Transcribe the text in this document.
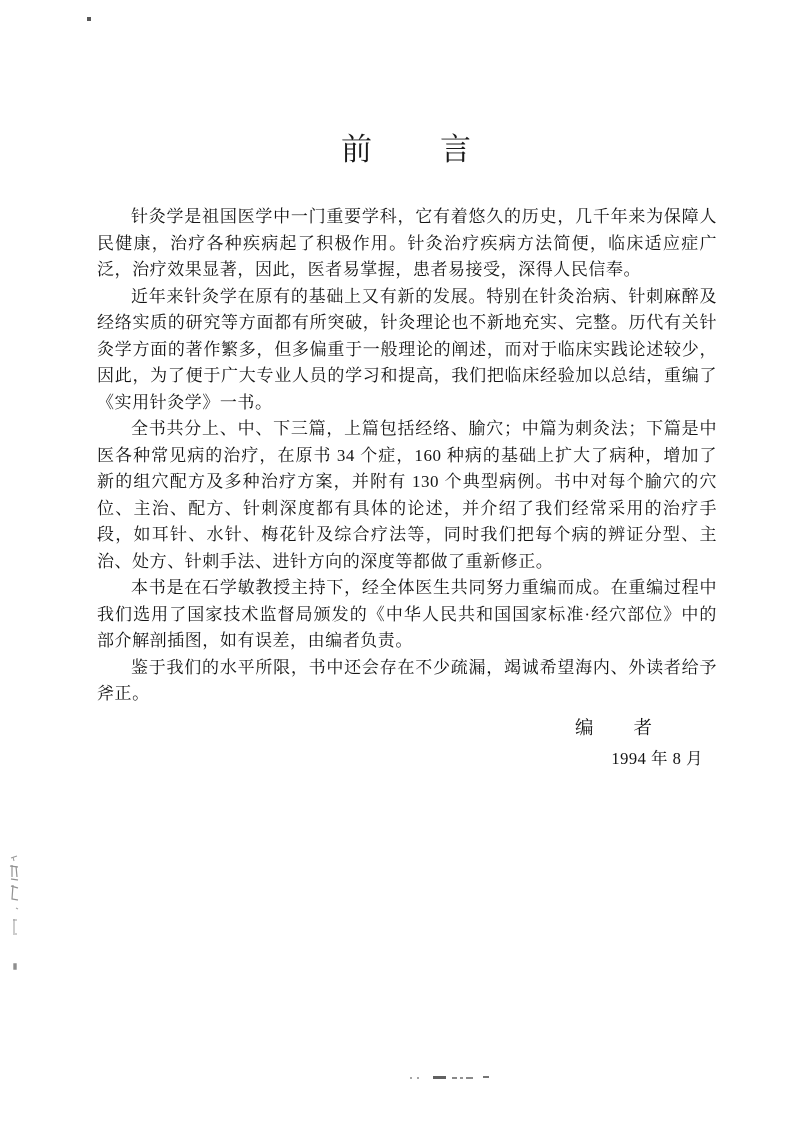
前　　言

针灸学是祖国医学中一门重要学科，它有着悠久的历史，几千年来为保障人民健康，治疗各种疾病起了积极作用。针灸治疗疾病方法简便，临床适应症广泛，治疗效果显著，因此，医者易掌握，患者易接受，深得人民信奉。

近年来针灸学在原有的基础上又有新的发展。特别在针灸治病、针刺麻醉及经络实质的研究等方面都有所突破，针灸理论也不新地充实、完整。历代有关针灸学方面的著作繁多，但多偏重于一般理论的阐述，而对于临床实践论述较少，因此，为了便于广大专业人员的学习和提高，我们把临床经验加以总结，重编了《实用针灸学》一书。

全书共分上、中、下三篇，上篇包括经络、腧穴；中篇为刺灸法；下篇是中医各种常见病的治疗，在原书 34 个症，160 种病的基础上扩大了病种，增加了新的组穴配方及多种治疗方案，并附有 130 个典型病例。书中对每个腧穴的穴位、主治、配方、针刺深度都有具体的论述，并介绍了我们经常采用的治疗手段，如耳针、水针、梅花针及综合疗法等，同时我们把每个病的辨证分型、主治、处方、针刺手法、进针方向的深度等都做了重新修正。

本书是在石学敏教授主持下，经全体医生共同努力重编而成。在重编过程中我们选用了国家技术监督局颁发的《中华人民共和国国家标准·经穴部位》中的部介解剖插图，如有误差，由编者负责。

鉴于我们的水平所限，书中还会存在不少疏漏，竭诚希望海内、外读者给予斧正。

编　　者
1994 年 8 月
